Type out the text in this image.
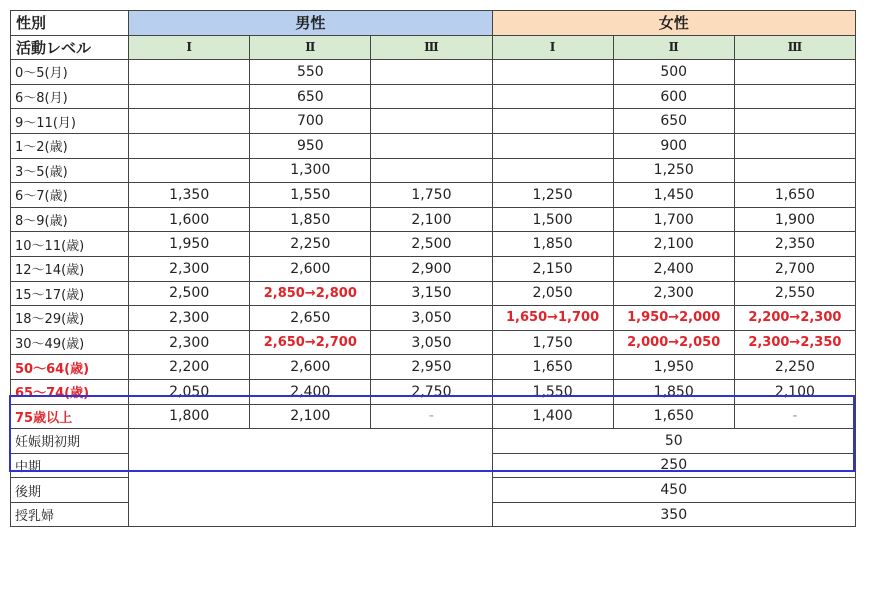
性別	男性			女性		
活動レベル	Ⅰ	Ⅱ	Ⅲ	Ⅰ	Ⅱ	Ⅲ
0～5(月)		550			500	
6～8(月)		650			600	
9～11(月)		700			650	
1～2(歳)		950			900	
3～5(歳)		1,300			1,250	
6～7(歳)	1,350	1,550	1,750	1,250	1,450	1,650
8～9(歳)	1,600	1,850	2,100	1,500	1,700	1,900
10～11(歳)	1,950	2,250	2,500	1,850	2,100	2,350
12～14(歳)	2,300	2,600	2,900	2,150	2,400	2,700
15～17(歳)	2,500	2,850→2,800	3,150	2,050	2,300	2,550
18～29(歳)	2,300	2,650	3,050	1,650→1,700	1,950→2,000	2,200→2,300
30～49(歳)	2,300	2,650→2,700	3,050	1,750	2,000→2,050	2,300→2,350
50～64(歳)	2,200	2,600	2,950	1,650	1,950	2,250
65～74(歳)	2,050	2,400	2,750	1,550	1,850	2,100
75歳以上	1,800	2,100	-	1,400	1,650	-
妊娠期初期				50		
中期				250		
後期				450		
授乳婦				350		
